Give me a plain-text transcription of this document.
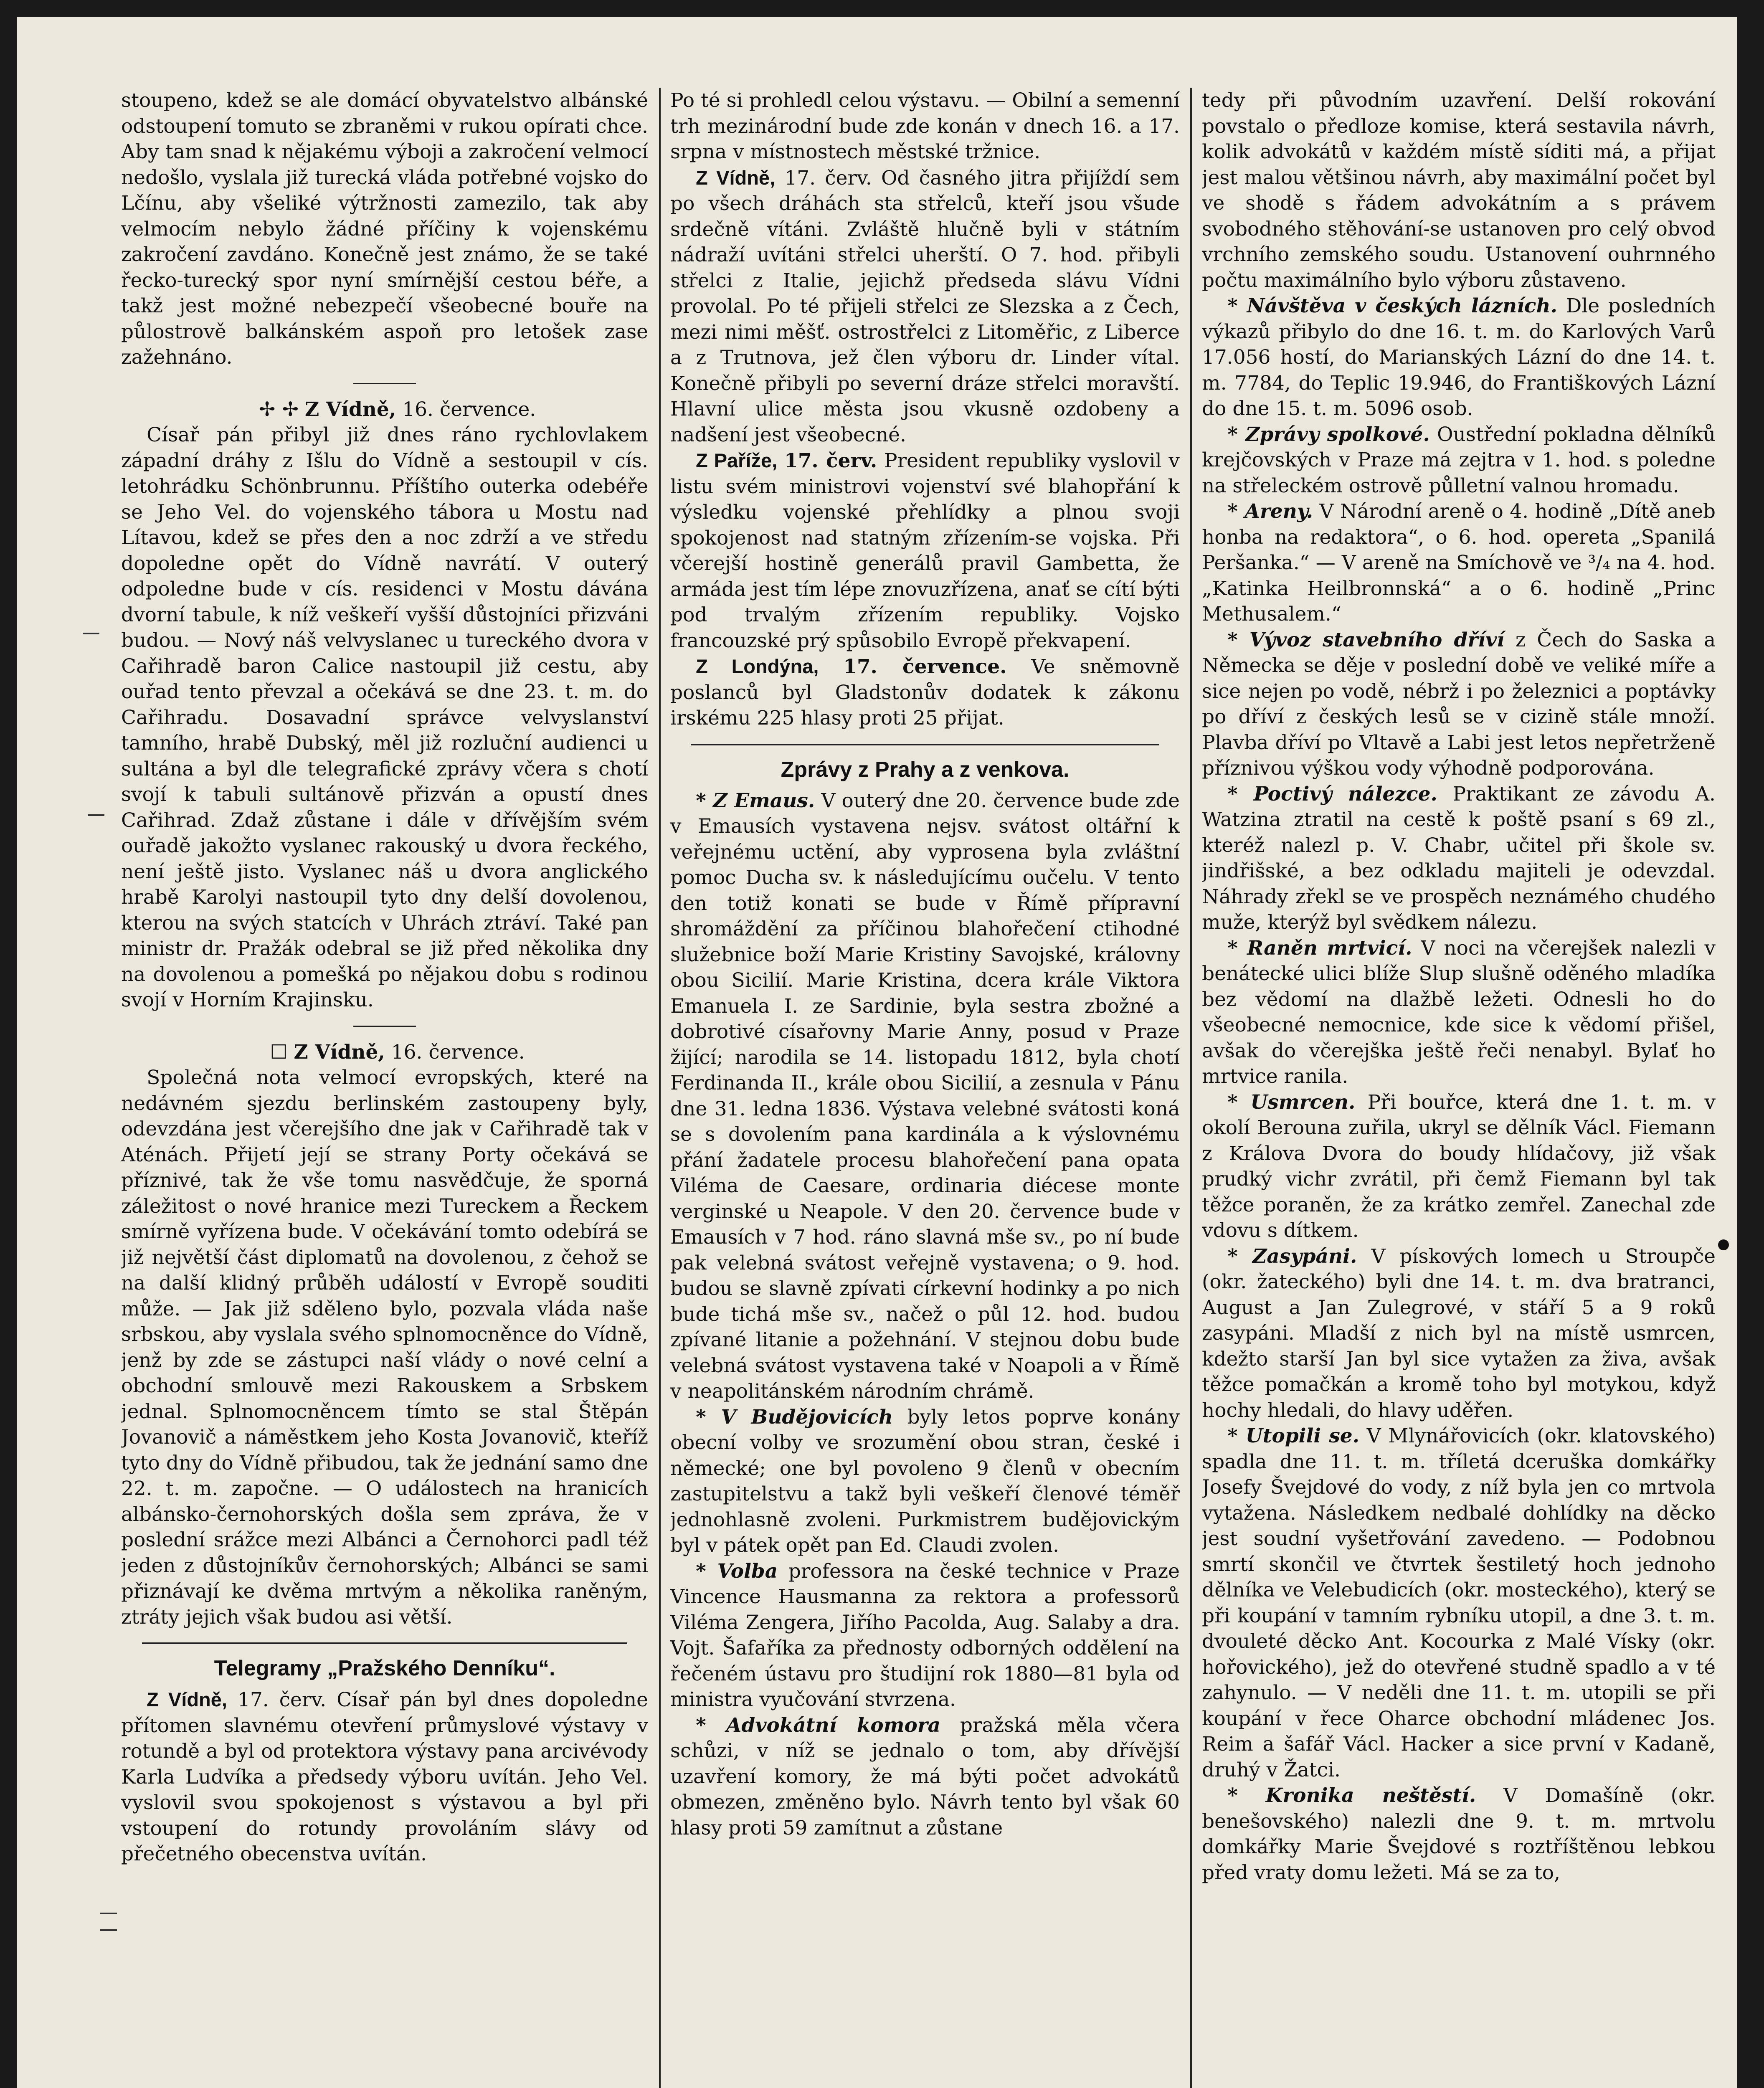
stoupeno, kdež se ale domácí obyvatelstvo albánské odstoupení tomuto se zbraněmi v rukou opírati chce. Aby tam snad k nějakému výboji a zakročení velmocí nedošlo, vyslala již turecká vláda potřebné vojsko do Lčínu, aby všeliké výtržnosti zamezilo, tak aby velmocím nebylo žádné příčiny k vojenskému zakročení zavdáno. Konečně jest známo, že se také řecko-turecký spor nyní smírnější cestou béře, a takž jest možné nebezpečí všeobecné bouře na půlostrově balkánském aspoň pro letošek zase zažehnáno.

✢ ✢ Z Vídně, 16. července.

Císař pán přibyl již dnes ráno rychlovlakem západní dráhy z Išlu do Vídně a sestoupil v cís. letohrádku Schönbrunnu. Příštího outerka odebéře se Jeho Vel. do vojenského tábora u Mostu nad Lítavou, kdež se přes den a noc zdrží a ve středu dopoledne opět do Vídně navrátí. V outerý odpoledne bude v cís. residenci v Mostu dávána dvorní tabule, k níž veškeří vyšší důstojníci přizváni budou. — Nový náš velvyslanec u tureckého dvora v Cařihradě baron Calice nastoupil již cestu, aby ouřad tento převzal a očekává se dne 23. t. m. do Cařihradu. Dosavadní správce velvyslanství tamního, hrabě Dubský, měl již rozluční audienci u sultána a byl dle telegrafické zprávy včera s chotí svojí k tabuli sultánově přizván a opustí dnes Cařihrad. Zdaž zůstane i dále v dřívějším svém ouřadě jakožto vyslanec rakouský u dvora řeckého, není ještě jisto. Vyslanec náš u dvora anglického hrabě Karolyi nastoupil tyto dny delší dovolenou, kterou na svých statcích v Uhrách ztráví. Také pan ministr dr. Pražák odebral se již před několika dny na dovolenou a pomešká po nějakou dobu s rodinou svojí v Horním Krajinsku.

☐ Z Vídně, 16. července.

Společná nota velmocí evropských, které na nedávném sjezdu berlinském zastoupeny byly, odevzdána jest včerejšího dne jak v Cařihradě tak v Aténách. Přijetí její se strany Porty očekává se příznivé, tak že vše tomu nasvědčuje, že sporná záležitost o nové hranice mezi Tureckem a Řeckem smírně vyřízena bude. V očekávání tomto odebírá se již největší část diplomatů na dovolenou, z čehož se na další klidný průběh událostí v Evropě souditi může. — Jak již sděleno bylo, pozvala vláda naše srbskou, aby vyslala svého splnomocněnce do Vídně, jenž by zde se zástupci naší vlády o nové celní a obchodní smlouvě mezi Rakouskem a Srbskem jednal. Splnomocněncem tímto se stal Štěpán Jovanovič a náměstkem jeho Kosta Jovanovič, kteříž tyto dny do Vídně přibudou, tak že jednání samo dne 22. t. m. započne. — O událostech na hranicích albánsko-černohorských došla sem zpráva, že v poslední srážce mezi Albánci a Černohorci padl též jeden z důstojníkův černohorských; Albánci se sami přiznávají ke dvěma mrtvým a několika raněným, ztráty jejich však budou asi větší.

Telegramy „Pražského Denníku“.

Z Vídně, 17. červ. Císař pán byl dnes dopoledne přítomen slavnému otevření průmyslové výstavy v rotundě a byl od protektora výstavy pana arcivévody Karla Ludvíka a předsedy výboru uvítán. Jeho Vel. vyslovil svou spokojenost s výstavou a byl při vstoupení do rotundy provoláním slávy od přečetného obecenstva uvítán.

Po té si prohledl celou výstavu. — Obilní a semenní trh mezinárodní bude zde konán v dnech 16. a 17. srpna v místnostech městské tržnice.

Z Vídně, 17. červ. Od časného jitra přijíždí sem po všech dráhách sta střelců, kteří jsou všude srdečně vítáni. Zvláště hlučně byli v státním nádraží uvítáni střelci uherští. O 7. hod. přibyli střelci z Italie, jejichž předseda slávu Vídni provolal. Po té přijeli střelci ze Slezska a z Čech, mezi nimi měšť. ostrostřelci z Litoměřic, z Liberce a z Trutnova, jež člen výboru dr. Linder vítal. Konečně přibyli po severní dráze střelci moravští. Hlavní ulice města jsou vkusně ozdobeny a nadšení jest všeobecné.

Z Paříže, 17. červ. President republiky vyslovil v listu svém ministrovi vojenství své blahopřání k výsledku vojenské přehlídky a plnou svoji spokojenost nad statným zřízením-se vojska. Při včerejší hostině generálů pravil Gambetta, že armáda jest tím lépe znovuzřízena, anať se cítí býti pod trvalým zřízením republiky. Vojsko francouzské prý spůsobilo Evropě překvapení.

Z Londýna, 17. července. Ve sněmovně poslanců byl Gladstonův dodatek k zákonu irskému 225 hlasy proti 25 přijat.

Zprávy z Prahy a z venkova.

* Z Emaus. V outerý dne 20. července bude zde v Emausích vystavena nejsv. svátost oltářní k veřejnému uctění, aby vyprosena byla zvláštní pomoc Ducha sv. k následujícímu oučelu. V tento den totiž konati se bude v Římě přípravní shromáždění za příčinou blahořečení ctihodné služebnice boží Marie Kristiny Savojské, královny obou Sicilií. Marie Kristina, dcera krále Viktora Emanuela I. ze Sardinie, byla sestra zbožné a dobrotivé císařovny Marie Anny, posud v Praze žijící; narodila se 14. listopadu 1812, byla chotí Ferdinanda II., krále obou Sicilií, a zesnula v Pánu dne 31. ledna 1836. Výstava velebné svátosti koná se s dovolením pana kardinála a k výslovnému přání žadatele procesu blahořečení pana opata Viléma de Caesare, ordinaria diécese monte verginské u Neapole. V den 20. července bude v Emausích v 7 hod. ráno slavná mše sv., po ní bude pak velebná svátost veřejně vystavena; o 9. hod. budou se slavně zpívati církevní hodinky a po nich bude tichá mše sv., načež o půl 12. hod. budou zpívané litanie a požehnání. V stejnou dobu bude velebná svátost vystavena také v Noapoli a v Římě v neapolitánském národním chrámě.

* V Budějovicích byly letos poprve konány obecní volby ve srozumění obou stran, české i německé; one byl povoleno 9 členů v obecním zastupitelstvu a takž byli veškeří členové téměř jednohlasně zvoleni. Purkmistrem budějovickým byl v pátek opět pan Ed. Claudi zvolen.

* Volba professora na české technice v Praze Vincence Hausmanna za rektora a professorů Viléma Zengera, Jiřího Pacolda, Aug. Salaby a dra. Vojt. Šafaříka za přednosty odborných oddělení na řečeném ústavu pro študijní rok 1880—81 byla od ministra vyučování stvrzena.

* Advokátní komora pražská měla včera schůzi, v níž se jednalo o tom, aby dřívější uzavření komory, že má býti počet advokátů obmezen, změněno bylo. Návrh tento byl však 60 hlasy proti 59 zamítnut a zůstane

tedy při původním uzavření. Delší rokování povstalo o předloze komise, která sestavila návrh, kolik advokátů v každém místě síditi má, a přijat jest malou většinou návrh, aby maximální počet byl ve shodě s řádem advokátním a s právem svobodného stěhování-se ustanoven pro celý obvod vrchního zemského soudu. Ustanovení ouhrnného počtu maximálního bylo výboru zůstaveno.

* Návštěva v českých lázních. Dle posledních výkazů přibylo do dne 16. t. m. do Karlových Varů 17.056 hostí, do Marianských Lázní do dne 14. t. m. 7784, do Teplic 19.946, do Františkových Lázní do dne 15. t. m. 5096 osob.

* Zprávy spolkové. Oustřední pokladna dělníků krejčovských v Praze má zejtra v 1. hod. s poledne na střeleckém ostrově půlletní valnou hromadu.

* Areny. V Národní areně o 4. hodině „Dítě aneb honba na redaktora“, o 6. hod. opereta „Spanilá Peršanka.“ — V areně na Smíchově ve ³/₄ na 4. hod. „Katinka Heilbronnská“ a o 6. hodině „Princ Methusalem.“

* Vývoz stavebního dříví z Čech do Saska a Německa se děje v poslední době ve veliké míře a sice nejen po vodě, nébrž i po železnici a poptávky po dříví z českých lesů se v cizině stále množí. Plavba dříví po Vltavě a Labi jest letos nepřetrženě příznivou výškou vody výhodně podporována.

* Poctivý nálezce. Praktikant ze závodu A. Watzina ztratil na cestě k poště psaní s 69 zl., kteréž nalezl p. V. Chabr, učitel při škole sv. jindřišské, a bez odkladu majiteli je odevzdal. Náhrady zřekl se ve prospěch neznámého chudého muže, kterýž byl svědkem nálezu.

* Raněn mrtvicí. V noci na včerejšek nalezli v benátecké ulici blíže Slup slušně oděného mladíka bez vědomí na dlažbě ležeti. Odnesli ho do všeobecné nemocnice, kde sice k vědomí přišel, avšak do včerejška ještě řeči nenabyl. Bylať ho mrtvice ranila.

* Usmrcen. Při bouřce, která dne 1. t. m. v okolí Berouna zuřila, ukryl se dělník Václ. Fiemann z Králova Dvora do boudy hlídačovy, již však prudký vichr zvrátil, při čemž Fiemann byl tak těžce poraněn, že za krátko zemřel. Zanechal zde vdovu s dítkem.

* Zasypáni. V pískových lomech u Stroupče (okr. žateckého) byli dne 14. t. m. dva bratranci, August a Jan Zulegrové, v stáří 5 a 9 roků zasypáni. Mladší z nich byl na místě usmrcen, kdežto starší Jan byl sice vytažen za živa, avšak těžce pomačkán a kromě toho byl motykou, když hochy hledali, do hlavy uděřen.

* Utopili se. V Mlynářovicích (okr. klatovského) spadla dne 11. t. m. tříletá dceruška domkářky Josefy Švejdové do vody, z níž byla jen co mrtvola vytažena. Následkem nedbalé dohlídky na děcko jest soudní vyšetřování zavedeno. — Podobnou smrtí skončil ve čtvrtek šestiletý hoch jednoho dělníka ve Velebudicích (okr. mosteckého), který se při koupání v tamním rybníku utopil, a dne 3. t. m. dvouleté děcko Ant. Kocourka z Malé Vísky (okr. hořovického), jež do otevřené studně spadlo a v té zahynulo. — V neděli dne 11. t. m. utopili se při koupání v řece Oharce obchodní mládenec Jos. Reim a šafář Václ. Hacker a sice první v Kadaně, druhý v Žatci.

* Kronika neštěstí. V Domašíně (okr. benešovského) nalezli dne 9. t. m. mrtvolu domkářky Marie Švejdové s roztříštěnou lebkou před vraty domu ležeti. Má se za to,
